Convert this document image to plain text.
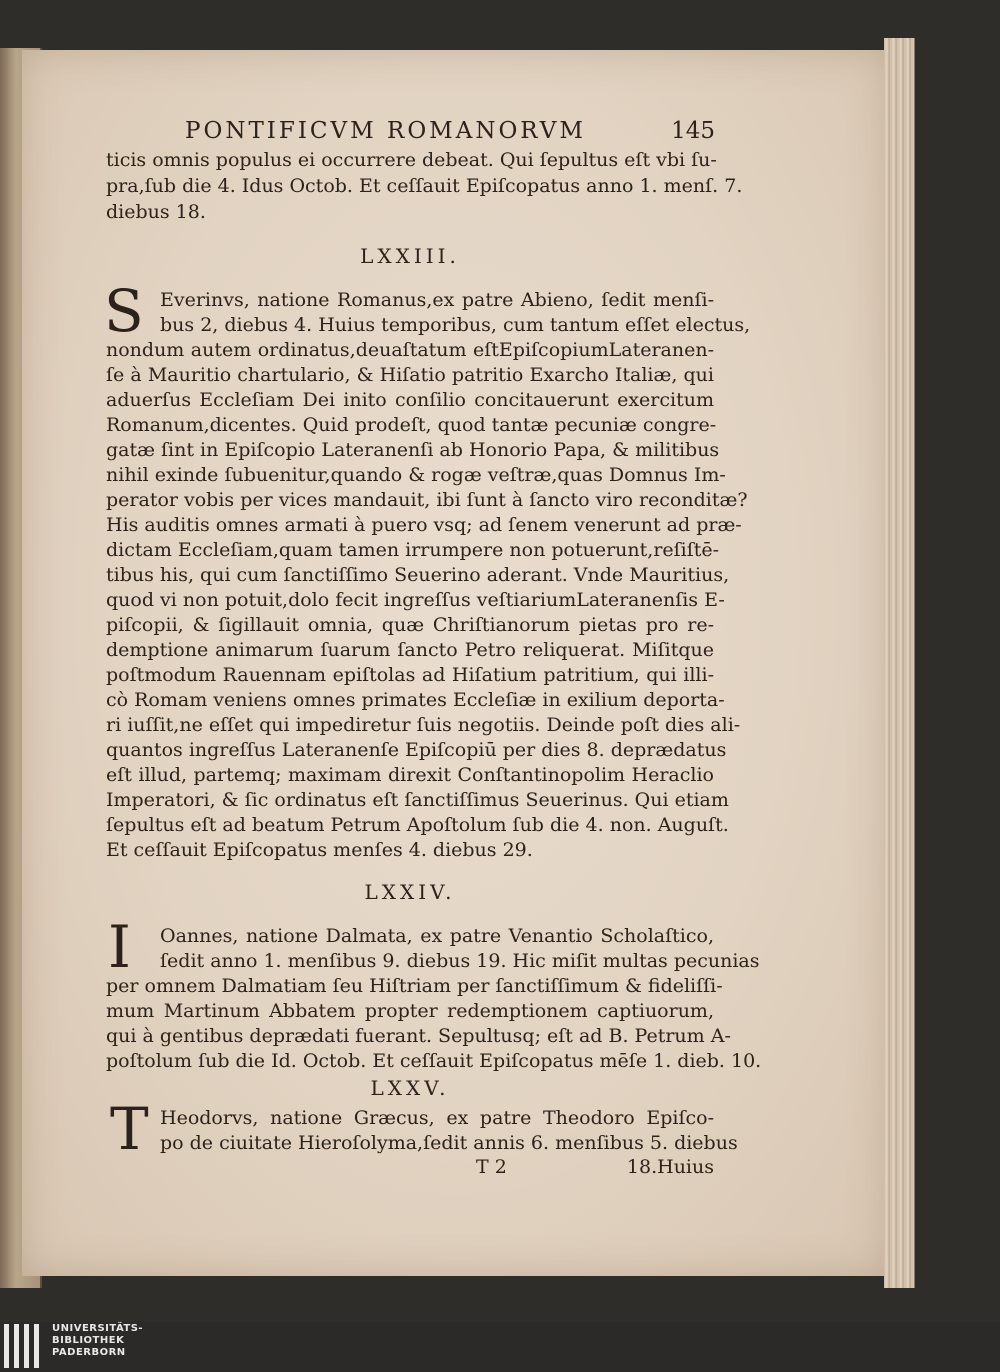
PONTIFICVM ROMANORVM	145
ticis omnis populus ei occurrere debeat. Qui ſepultus eſt vbi ſu-
pra,ſub die 4. Idus Octob. Et ceſſauit Epiſcopatus anno 1. menſ. 7.
diebus 18.
LXXIII.
S Everinvs, natione Romanus,ex patre Abieno, ſedit menſi-
bus 2, diebus 4. Huius temporibus, cum tantum eſſet electus,
nondum autem ordinatus,deuaſtatum eſtEpiſcopiumLateranen-
ſe à Mauritio chartulario, & Hiſatio patritio Exarcho Italiæ, qui
aduerſus Eccleſiam Dei inito conſilio concitauerunt exercitum
Romanum,dicentes. Quid prodeſt, quod tantæ pecuniæ congre-
gatæ ſint in Epiſcopio Lateranenſi ab Honorio Papa, & militibus
nihil exinde ſubuenitur,quando & rogæ veſtræ,quas Domnus Im-
perator vobis per vices mandauit, ibi ſunt à ſancto viro reconditæ?
His auditis omnes armati à puero vsq; ad ſenem venerunt ad præ-
dictam Eccleſiam,quam tamen irrumpere non potuerunt,reſiſtē-
tibus his, qui cum ſanctiſſimo Seuerino aderant. Vnde Mauritius,
quod vi non potuit,dolo fecit ingreſſus veſtiariumLateranenſis E-
piſcopii, & ſigillauit omnia, quæ Chriſtianorum pietas pro re-
demptione animarum ſuarum ſancto Petro reliquerat. Miſitque
poſtmodum Rauennam epiſtolas ad Hiſatium patritium, qui illi-
cò Romam veniens omnes primates Eccleſiæ in exilium deporta-
ri iuſſit,ne eſſet qui impediretur ſuis negotiis. Deinde poſt dies ali-
quantos ingreſſus Lateranenſe Epiſcopiū per dies 8. deprædatus
eſt illud, partemq; maximam direxit Conſtantinopolim Heraclio
Imperatori, & ſic ordinatus eſt ſanctiſſimus Seuerinus. Qui etiam
ſepultus eſt ad beatum Petrum Apoſtolum ſub die 4. non. Auguſt.
Et ceſſauit Epiſcopatus menſes 4. diebus 29.
LXXIV.
I Oannes, natione Dalmata, ex patre Venantio Scholaſtico,
ſedit anno 1. menſibus 9. diebus 19. Hic miſit multas pecunias
per omnem Dalmatiam ſeu Hiſtriam per ſanctiſſimum & fideliſſi-
mum Martinum Abbatem propter redemptionem captiuorum,
qui à gentibus deprædati fuerant. Sepultusq; eſt ad B. Petrum A-
poſtolum ſub die Id. Octob. Et ceſſauit Epiſcopatus mēſe 1. dieb. 10.
LXXV.
T Heodorvs, natione Græcus, ex patre Theodoro Epiſco-
po de ciuitate Hieroſolyma,ſedit annis 6. menſibus 5. diebus
T 2	18.Huius
UNIVERSITÄTS-
BIBLIOTHEK
PADERBORN
